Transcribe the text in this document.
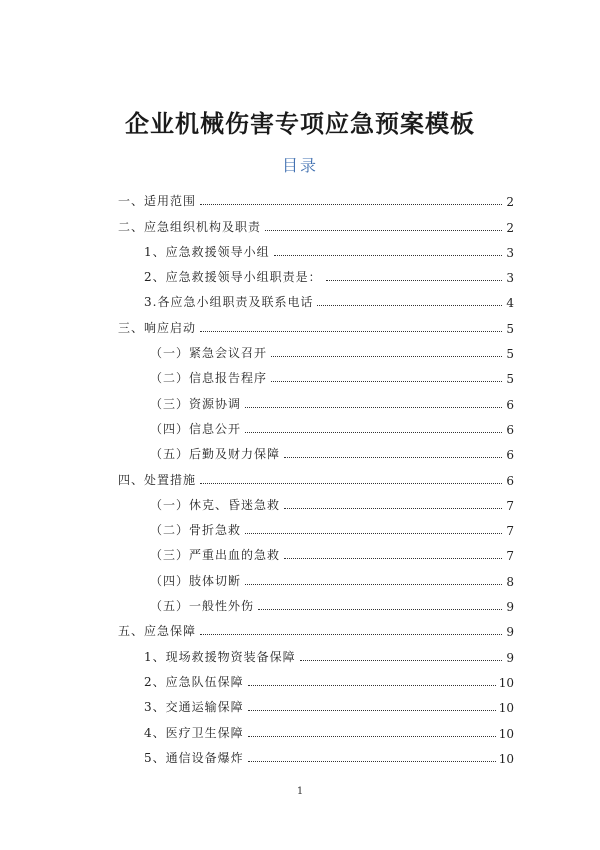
企业机械伤害专项应急预案模板
目录
一、适用范围	2
二、应急组织机构及职责	2
1、应急救援领导小组	3
2、应急救援领导小组职责是：	3
3.各应急小组职责及联系电话	4
三、响应启动	5
（一）紧急会议召开	5
（二）信息报告程序	5
（三）资源协调	6
（四）信息公开	6
（五）后勤及财力保障	6
四、处置措施	6
（一）休克、昏迷急救	7
（二）骨折急救	7
（三）严重出血的急救	7
（四）肢体切断	8
（五）一般性外伤	9
五、应急保障	9
1、现场救援物资装备保障	9
2、应急队伍保障	10
3、交通运输保障	10
4、医疗卫生保障	10
5、通信设备爆炸	10
1
